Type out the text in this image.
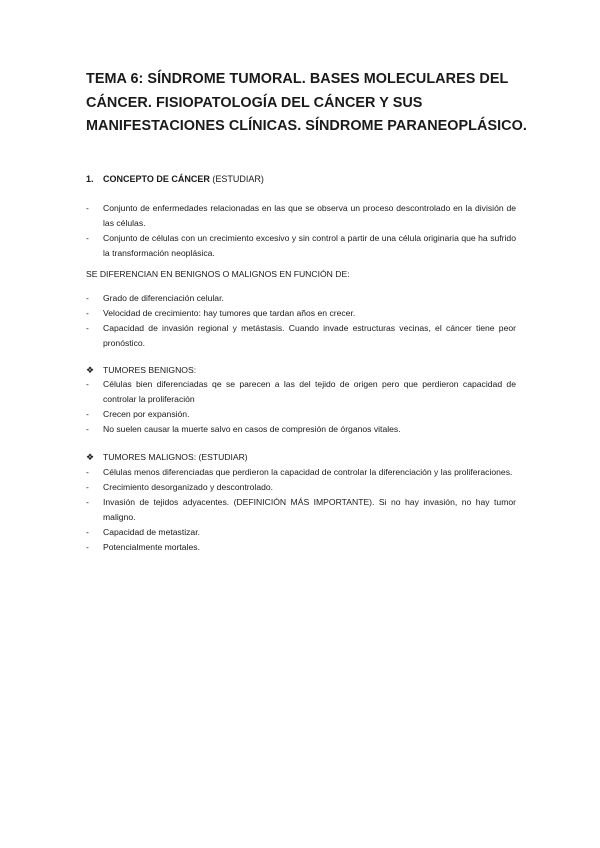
TEMA 6: SÍNDROME TUMORAL. BASES MOLECULARES DEL
CÁNCER. FISIOPATOLOGÍA DEL CÁNCER Y SUS
MANIFESTACIONES CLÍNICAS. SÍNDROME PARANEOPLÁSICO.
1. CONCEPTO DE CÁNCER (ESTUDIAR)
- Conjunto de enfermedades relacionadas en las que se observa un proceso descontrolado en la división de las células.
- Conjunto de células con un crecimiento excesivo y sin control a partir de una célula originaria que ha sufrido la transformación neoplásica.
SE DIFERENCIAN EN BENIGNOS O MALIGNOS EN FUNCIÓN DE:
- Grado de diferenciación celular.
- Velocidad de crecimiento: hay tumores que tardan años en crecer.
- Capacidad de invasión regional y metástasis. Cuando invade estructuras vecinas, el cáncer tiene peor pronóstico.
❖ TUMORES BENIGNOS:
- Células bien diferenciadas qe se parecen a las del tejido de origen pero que perdieron capacidad de controlar la proliferación
- Crecen por expansión.
- No suelen causar la muerte salvo en casos de compresión de órganos vitales.
❖ TUMORES MALIGNOS: (ESTUDIAR)
- Células menos diferenciadas que perdieron la capacidad de controlar la diferenciación y las proliferaciones.
- Crecimiento desorganizado y descontrolado.
- Invasión de tejidos adyacentes. (DEFINICIÓN MÁS IMPORTANTE). Si no hay invasión, no hay tumor maligno.
- Capacidad de metastizar.
- Potencialmente mortales.
